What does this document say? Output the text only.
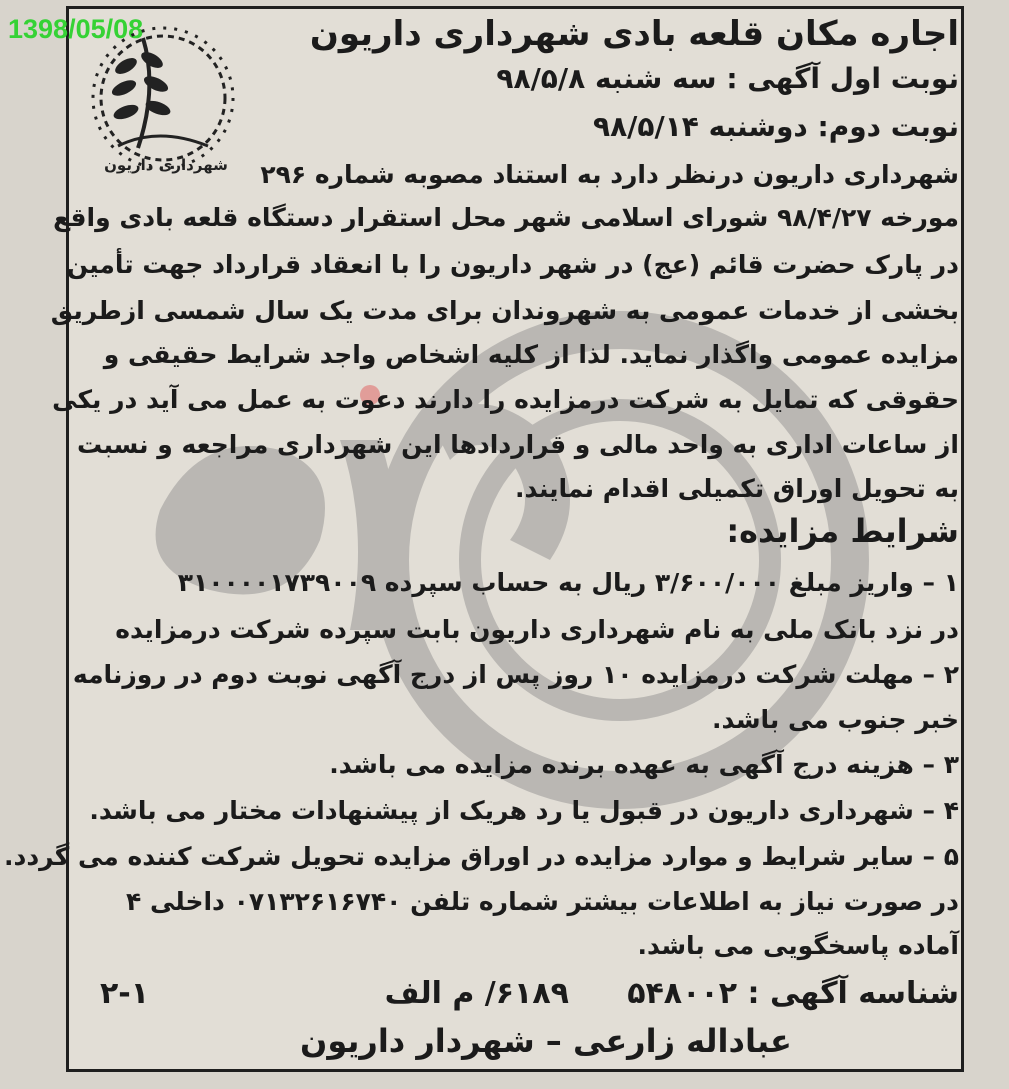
1398/05/08
شهرداری داریون
اجاره مکان قلعه بادی شهرداری داریون
نوبت اول آگهی : سه شنبه ۹۸/۵/۸
نوبت دوم: دوشنبه ۹۸/۵/۱۴
شهرداری داریون درنظر دارد به استناد مصوبه شماره ۲۹۶
مورخه ۹۸/۴/۲۷ شورای اسلامی شهر محل استقرار دستگاه قلعه بادی واقع
در پارک حضرت قائم (عج) در شهر داریون را با انعقاد قرارداد جهت تأمین
بخشی از خدمات عمومی به شهروندان برای مدت یک سال شمسی ازطریق
مزایده عمومی واگذار نماید. لذا از کلیه اشخاص واجد شرایط حقیقی و
حقوقی که تمایل به شرکت درمزایده را دارند دعوت به عمل می آید در یکی
از ساعات اداری به واحد مالی و قراردادها این شهرداری مراجعه و نسبت
به تحویل اوراق تکمیلی اقدام نمایند.
شرایط مزایده:
۱ – واریز مبلغ ۳/۶۰۰/۰۰۰ ریال به حساب سپرده ۳۱۰۰۰۰۱۷۳۹۰۰۹
در نزد بانک ملی به نام شهرداری داریون بابت سپرده شرکت درمزایده
۲ – مهلت شرکت درمزایده ۱۰ روز پس از درج آگهی نوبت دوم در روزنامه
خبر جنوب می باشد.
۳ – هزینه درج آگهی به عهده برنده مزایده می باشد.
۴ – شهرداری داریون در قبول یا رد هریک از پیشنهادات مختار می باشد.
۵ – سایر شرایط و موارد مزایده در اوراق مزایده تحویل شرکت کننده می گردد.
در صورت نیاز به اطلاعات بیشتر شماره تلفن ۰۷۱۳۲۶۱۶۷۴۰ داخلی ۴
آماده پاسخگویی می باشد.
شناسه آگهی : ۵۴۸۰۰۲
۶۱۸۹/ م الف
۲-۱
عباداله زارعی – شهردار داریون
